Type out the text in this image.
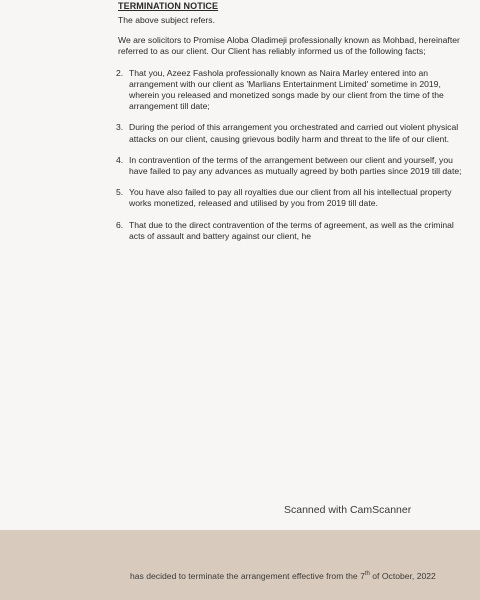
TERMINATION NOTICE

The above subject refers.

We are solicitors to Promise Aloba Oladimeji professionally known as Mohbad, hereinafter referred to as our client. Our Client has reliably informed us of the following facts;

2. That you, Azeez Fashola professionally known as Naira Marley entered into an arrangement with our client as 'Marlians Entertainment Limited' sometime in 2019, wherein you released and monetized songs made by our client from the time of the arrangement till date;
3. During the period of this arrangement you orchestrated and carried out violent physical attacks on our client, causing grievous bodily harm and threat to the life of our client.
4. In contravention of the terms of the arrangement between our client and yourself, you have failed to pay any advances as mutually agreed by both parties since 2019 till date;
5. You have also failed to pay all royalties due our client from all his intellectual property works monetized, released and utilised by you from 2019 till date.
6. That due to the direct contravention of the terms of agreement, as well as the criminal acts of assault and battery against our client, he
Scanned with CamScanner
has decided to terminate the arrangement effective from the 7th of October, 2022
